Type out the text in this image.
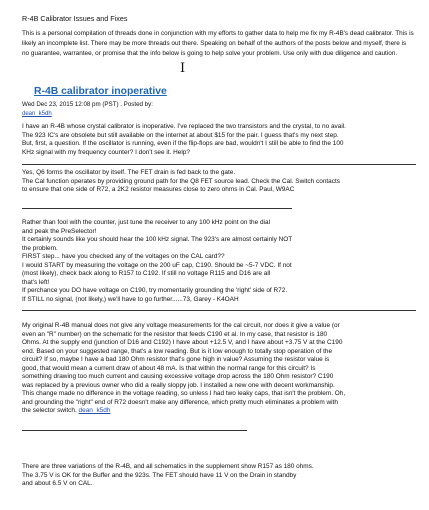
R-4B Calibrator Issues and Fixes
This is a personal compilation of threads done in conjunction with my efforts to gather data to help me fix my R-4B's dead calibrator. This is likely an incomplete list. There may be more threads out there. Speaking on behalf of the authors of the posts below and myself, there is no guarantee, warrantee, or promise that the info below is going to help solve your problem. Use only with due diligence and caution.
I
R-4B calibrator inoperative
Wed Dec 23, 2015 12:08 pm (PST) . Posted by:
dean_k5dh
I have an R-4B whose crystal calibrator is inoperative. I've replaced the two transistors and the crystal, to no avail.
The 923 IC's are obsolete but still available on the internet at about $15 for the pair. I guess that's my next step.
But, first, a question. If the oscillator is running, even if the flip-flops are bad, wouldn't I still be able to find the 100
KHz signal with my frequency counter? I don't see it. Help?
Yes, Q6 forms the oscillator by itself. The FET drain is fed back to the gate.
The Cal function operates by providing ground path for the Q8 FET source lead. Check the Cal. Switch contacts
to ensure that one side of R72, a 2K2 resistor measures close to zero ohms in Cal. Paul, W9AC
Rather than fool with the counter, just tune the receiver to any 100 kHz point on the dial
and peak the PreSelector!
It certainly sounds like you should hear the 100 kHz signal. The 923's are almost certainly NOT
the problem.
FIRST step... have you checked any of the voltages on the CAL card??
I would START by measuring the voltage on the 200 uF cap, C190. Should be ~5-7 VDC. If not
(most likely), check back along to R157 to C192. If still no voltage R115 and D16 are all
that's left!
If perchance you DO have voltage on C190, try momentarily grounding the 'right' side of R72.
If STILL no signal, (not likely,) we'll have to go further......73, Garey - K4OAH
My original R-4B manual does not give any voltage measurements for the cal circuit, nor does it give a value (or
even an "R" number) on the schematic for the resistor that feeds C190 et al. In my case, that resistor is 180
Ohms. At the supply end (junction of D16 and C192) I have about +12.5 V, and I have about +3.75 V at the C190
end. Based on your suggested range, that's a low reading. But is it low enough to totally stop operation of the
circuit? If so, maybe I have a bad 180 Ohm resistor that's gone high in value? Assuming the resistor value is
good, that would mean a current draw of about 48 mA. Is that within the normal range for this circuit? Is
something drawing too much current and causing excessive voltage drop across the 180 Ohm resistor? C190
was replaced by a previous owner who did a really sloppy job. I installed a new one with decent workmanship.
This change made no difference in the voltage reading, so unless I had two leaky caps, that isn't the problem. Oh,
and grounding the "right" end of R72 doesn't make any difference, which pretty much eliminates a problem with
the selector switch. dean_k5dh
There are three variations of the R-4B, and all schematics in the supplement show R157 as 180 ohms.
The 3.75 V is OK for the Buffer and the 923s. The FET should have 11 V on the Drain in standby
and about 6.5 V on CAL.
